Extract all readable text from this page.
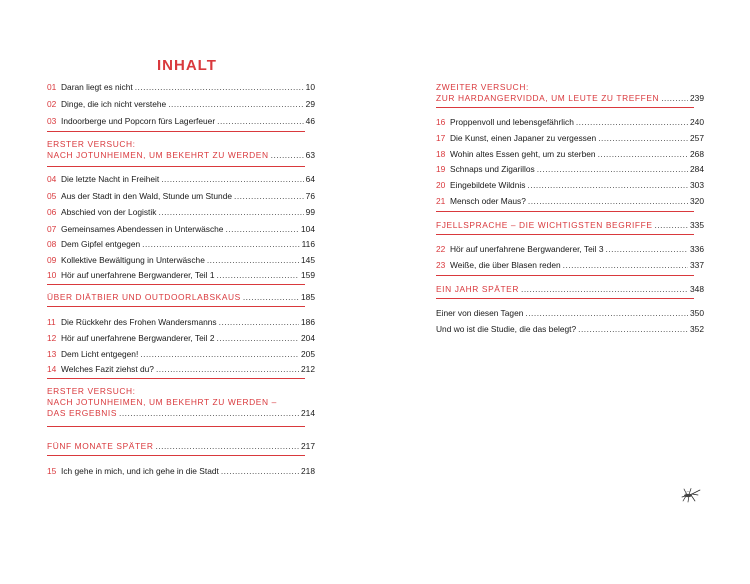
INHALT
01 Daran liegt es nicht .....	10
02 Dinge, die ich nicht verstehe .....	29
03 Indoorberge und Popcorn fürs Lagerfeuer .....	46
ERSTER VERSUCH:
NACH JOTUNHEIMEN, UM BEKEHRT ZU WERDEN .....	63
04 Die letzte Nacht in Freiheit .....	64
05 Aus der Stadt in den Wald, Stunde um Stunde .....	76
06 Abschied von der Logistik .....	99
07 Gemeinsames Abendessen in Unterwäsche .....	104
08 Dem Gipfel entgegen .....	116
09 Kollektive Bewältigung in Unterwäsche .....	145
10 Hör auf unerfahrene Bergwanderer, Teil 1 .....	159
ÜBER DIÄTBIER UND OUTDOORLABSKAUS .....	185
11 Die Rückkehr des Frohen Wandersmanns .....	186
12 Hör auf unerfahrene Bergwanderer, Teil 2 .....	204
13 Dem Licht entgegen! .....	205
14 Welches Fazit ziehst du? .....	212
ERSTER VERSUCH:
NACH JOTUNHEIMEN, UM BEKEHRT ZU WERDEN –
DAS ERGEBNIS .....	214
FÜNF MONATE SPÄTER .....	217
15 Ich gehe in mich, und ich gehe in die Stadt .....	218
ZWEITER VERSUCH:
ZUR HARDANGERVIDDA, UM LEUTE ZU TREFFEN .....	239
16 Proppenvoll und lebensgefährlich .....	240
17 Die Kunst, einen Japaner zu vergessen .....	257
18 Wohin altes Essen geht, um zu sterben .....	268
19 Schnaps und Zigarillos .....	284
20 Eingebildete Wildnis .....	303
21 Mensch oder Maus? .....	320
FJELLSPRACHE – DIE WICHTIGSTEN BEGRIFFE .....	335
22 Hör auf unerfahrene Bergwanderer, Teil 3 .....	336
23 Weiße, die über Blasen reden .....	337
EIN JAHR SPÄTER .....	348
Einer von diesen Tagen .....	350
Und wo ist die Studie, die das belegt? .....	352
